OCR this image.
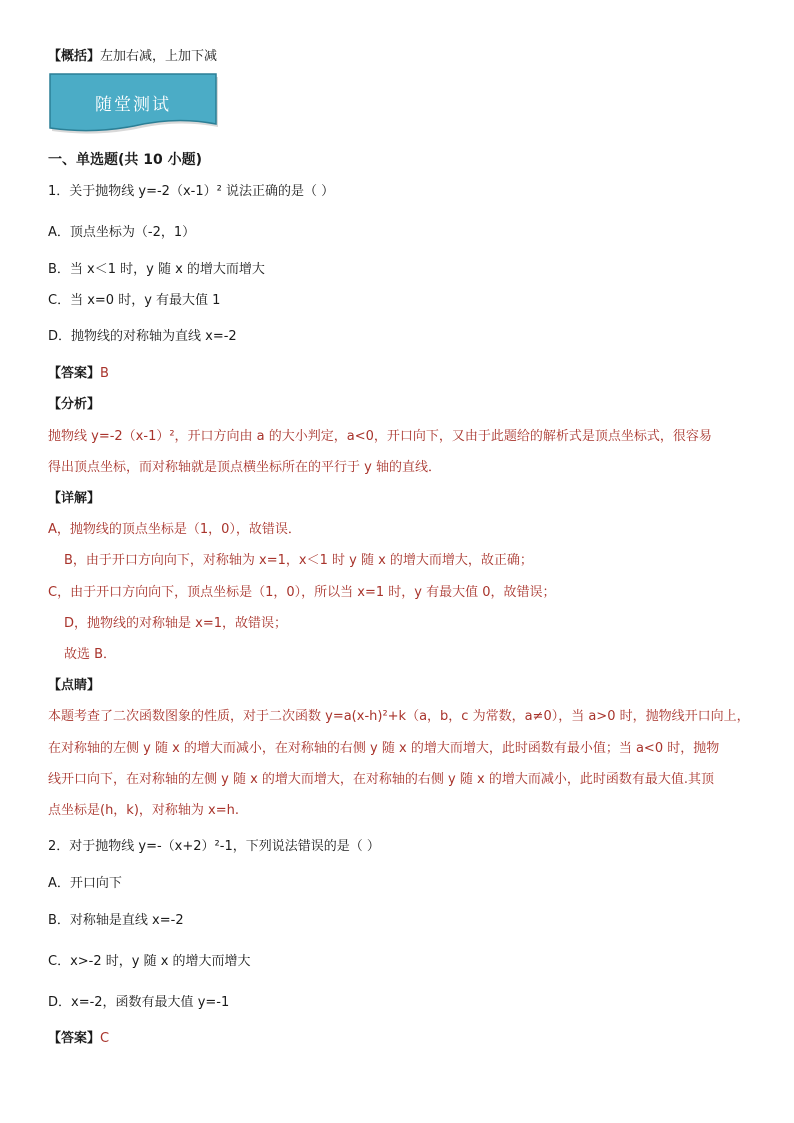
【概括】左加右减，上加下减
随堂测试
一、单选题(共 10 小题)
1．关于抛物线 y=-2（x-1）² 说法正确的是（ ）
A．顶点坐标为（-2，1）
B．当 x＜1 时，y 随 x 的增大而增大
C．当 x=0 时，y 有最大值 1
D．抛物线的对称轴为直线 x=-2
【答案】B
【分析】
抛物线 y=-2（x-1）²，开口方向由 a 的大小判定，a<0，开口向下，又由于此题给的解析式是顶点坐标式，很容易
得出顶点坐标，而对称轴就是顶点横坐标所在的平行于 y 轴的直线．
【详解】
A，抛物线的顶点坐标是（1，0），故错误．
B，由于开口方向向下，对称轴为 x=1，x＜1 时 y 随 x 的增大而增大，故正确；
C，由于开口方向向下，顶点坐标是（1，0），所以当 x=1 时，y 有最大值 0，故错误；
D，抛物线的对称轴是 x=1，故错误；
故选 B．
【点睛】
本题考查了二次函数图象的性质，对于二次函数 y=a(x-h)²+k（a，b，c 为常数，a≠0），当 a>0 时，抛物线开口向上，
在对称轴的左侧 y 随 x 的增大而减小，在对称轴的右侧 y 随 x 的增大而增大，此时函数有最小值；当 a<0 时，抛物
线开口向下，在对称轴的左侧 y 随 x 的增大而增大，在对称轴的右侧 y 随 x 的增大而减小，此时函数有最大值.其顶
点坐标是(h，k)，对称轴为 x=h.
2．对于抛物线 y=-（x+2）²-1，下列说法错误的是（ ）
A．开口向下
B．对称轴是直线 x=-2
C．x>-2 时，y 随 x 的增大而增大
D．x=-2，函数有最大值 y=-1
【答案】C
